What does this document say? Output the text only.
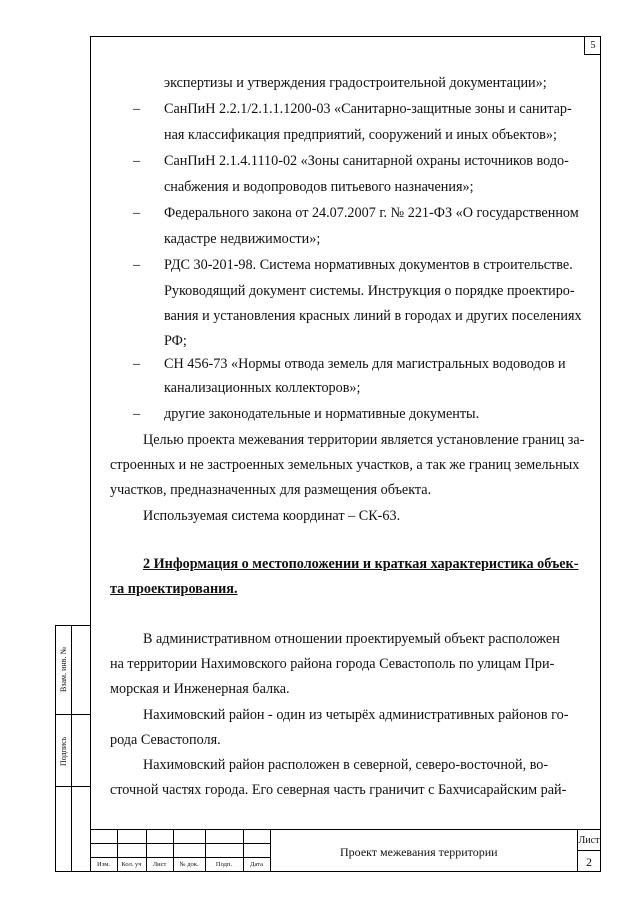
5
Взам. инв. №
Подпись
экспертизы и утверждения градостроительной документации»;
– СанПиН 2.2.1/2.1.1.1200-03 «Санитарно-защитные зоны и санитар-
ная классификация предприятий, сооружений и иных объектов»;
– СанПиН 2.1.4.1110-02 «Зоны санитарной охраны источников водо-
снабжения и водопроводов питьевого назначения»;
– Федерального закона от 24.07.2007 г. № 221-ФЗ «О государственном
кадастре недвижимости»;
– РДС 30-201-98. Система нормативных документов в строительстве.
Руководящий документ системы. Инструкция о порядке проектиро-
вания и установления красных линий в городах и других поселениях
РФ;
– СН 456-73 «Нормы отвода земель для магистральных водоводов и
канализационных коллекторов»;
– другие законодательные и нормативные документы.
Целью проекта межевания территории является установление границ за-
строенных и не застроенных земельных участков, а так же границ земельных
участков, предназначенных для размещения объекта.
Используемая система координат – СК-63.
2 Информация о местоположении и краткая характеристика объек-
та проектирования.
В административном отношении проектируемый объект расположен
на территории Нахимовского района города Севастополь по улицам При-
морская и Инженерная балка.
Нахимовский район - один из четырёх административных районов го-
рода Севастополя.
Нахимовский район расположен в северной, северо-восточной, во-
сточной частях города. Его северная часть граничит с Бахчисарайским рай-
Изм.	Кол. уч	Лист	№ док.	Подп.	Дата
Проект межевания территории
Лист
2
